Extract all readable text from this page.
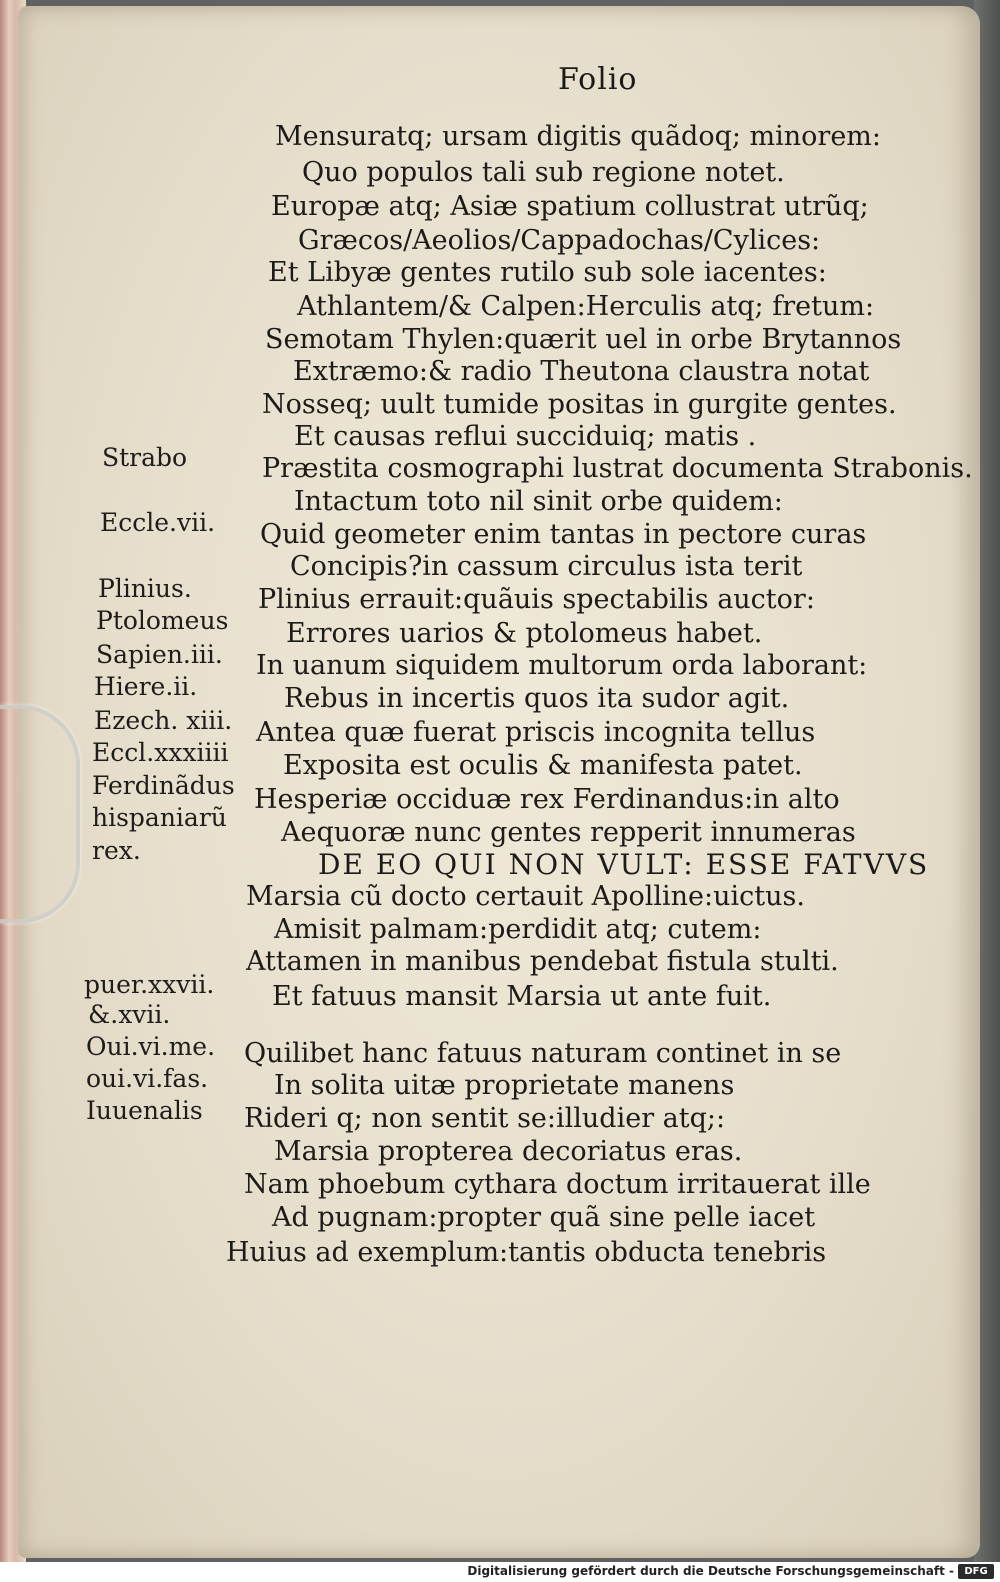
Folio
Mensuratq; ursam digitis quãdoq; minorem:
Quo populos tali sub regione notet.
Europæ atq; Asiæ spatium collustrat utrũq;
Græcos/Aeolios/Cappadochas/Cylices:
Et Libyæ gentes rutilo sub sole iacentes:
Athlantem/& Calpen:Herculis atq; fretum:
Semotam Thylen:quærit uel in orbe Brytannos
Extræmo:& radio Theutona claustra notat
Nosseq; uult tumide positas in gurgite gentes.
Et causas reflui succiduiq; matis .
Præstita cosmographi lustrat documenta Strabonis.
Intactum toto nil sinit orbe quidem:
Quid geometer enim tantas in pectore curas
Concipis?in cassum circulus ista terit
Plinius errauit:quãuis spectabilis auctor:
Errores uarios & ptolomeus habet.
In uanum siquidem multorum orda laborant:
Rebus in incertis quos ita sudor agit.
Antea quæ fuerat priscis incognita tellus
Exposita est oculis & manifesta patet.
Hesperiæ occiduæ rex Ferdinandus:in alto
Aequoræ nunc gentes repperit innumeras
DE EO QUI NON VULT: ESSE FATVVS
Marsia cũ docto certauit Apolline:uictus.
Amisit palmam:perdidit atq; cutem:
Attamen in manibus pendebat fistula stulti.
Et fatuus mansit Marsia ut ante fuit.
Quilibet hanc fatuus naturam continet in se
In solita uitæ proprietate manens
Rideri q; non sentit se:illudier atq;:
Marsia propterea decoriatus eras.
Nam phoebum cythara doctum irritauerat ille
Ad pugnam:propter quã sine pelle iacet
Huius ad exemplum:tantis obducta tenebris
Strabo
Eccle.vii.
Plinius.
Ptolomeus
Sapien.iii.
Hiere.ii.
Ezech. xiii.
Eccl.xxxiiii
Ferdinãdus
hispaniarũ
rex.
puer.xxvii.
&.xvii.
Oui.vi.me.
oui.vi.fas.
Iuuenalis
Digitalisierung gefördert durch die Deutsche Forschungsgemeinschaft -	DFG
